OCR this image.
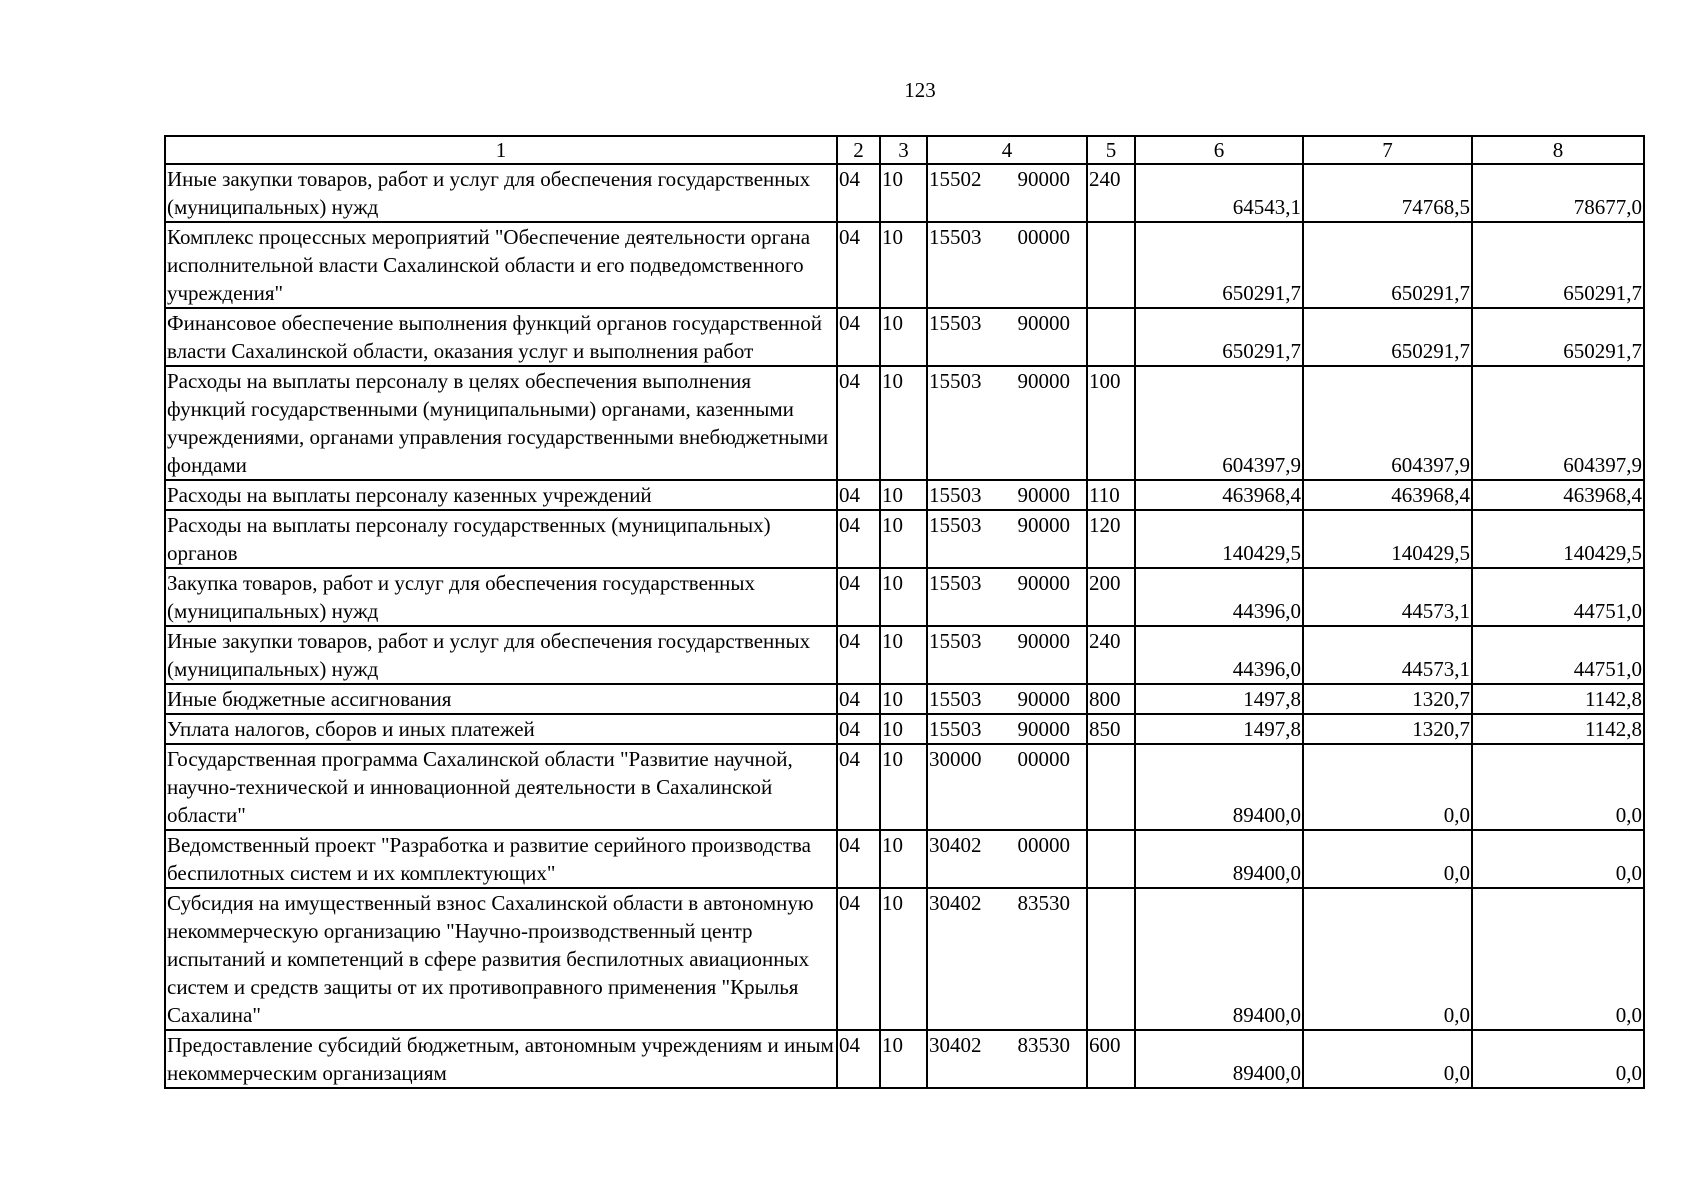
123
1	2	3	4	5	6	7	8
Иные закупки товаров, работ и услуг для обеспечения государственных (муниципальных) нужд	04	10	15502 90000	240	64543,1	74768,5	78677,0
Комплекс процессных мероприятий "Обеспечение деятельности органа исполнительной власти Сахалинской области и его подведомственного учреждения"	04	10	15503 00000		650291,7	650291,7	650291,7
Финансовое обеспечение выполнения функций органов государственной власти Сахалинской области, оказания услуг и выполнения работ	04	10	15503 90000		650291,7	650291,7	650291,7
Расходы на выплаты персоналу в целях обеспечения выполнения функций государственными (муниципальными) органами, казенными учреждениями, органами управления государственными внебюджетными фондами	04	10	15503 90000	100	604397,9	604397,9	604397,9
Расходы на выплаты персоналу казенных учреждений	04	10	15503 90000	110	463968,4	463968,4	463968,4
Расходы на выплаты персоналу государственных (муниципальных) органов	04	10	15503 90000	120	140429,5	140429,5	140429,5
Закупка товаров, работ и услуг для обеспечения государственных (муниципальных) нужд	04	10	15503 90000	200	44396,0	44573,1	44751,0
Иные закупки товаров, работ и услуг для обеспечения государственных (муниципальных) нужд	04	10	15503 90000	240	44396,0	44573,1	44751,0
Иные бюджетные ассигнования	04	10	15503 90000	800	1497,8	1320,7	1142,8
Уплата налогов, сборов и иных платежей	04	10	15503 90000	850	1497,8	1320,7	1142,8
Государственная программа Сахалинской области "Развитие научной, научно-технической и инновационной деятельности в Сахалинской области"	04	10	30000 00000		89400,0	0,0	0,0
Ведомственный проект "Разработка и развитие серийного производства беспилотных систем и их комплектующих"	04	10	30402 00000		89400,0	0,0	0,0
Субсидия на имущественный взнос Сахалинской области в автономную некоммерческую организацию "Научно-производственный центр испытаний и компетенций в сфере развития беспилотных авиационных систем и средств защиты от их противоправного применения "Крылья Сахалина"	04	10	30402 83530		89400,0	0,0	0,0
Предоставление субсидий бюджетным, автономным учреждениям и иным некоммерческим организациям	04	10	30402 83530	600	89400,0	0,0	0,0
